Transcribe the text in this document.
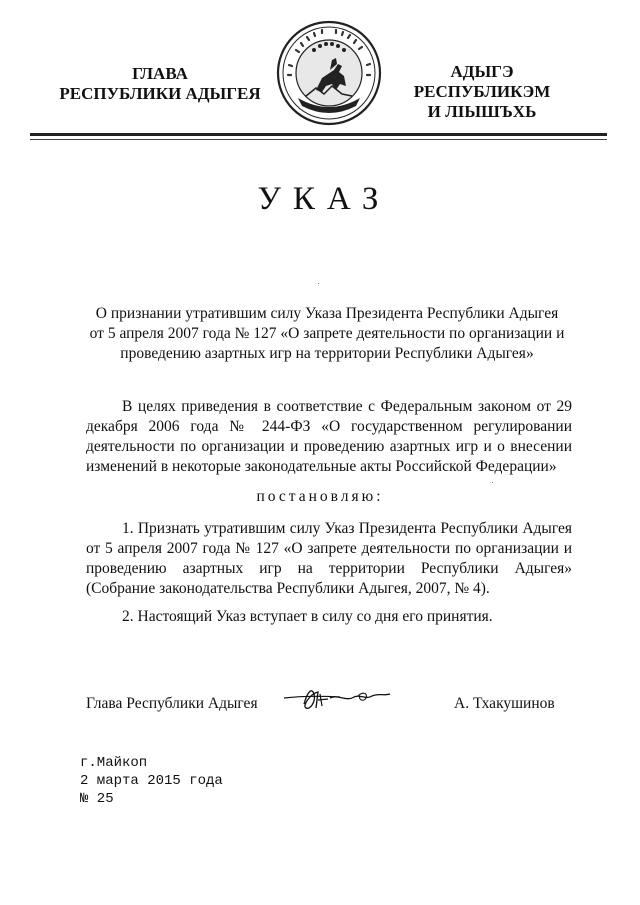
ГЛАВА
РЕСПУБЛИКИ АДЫГЕЯ
АДЫГЭ РЕСПУБЛИКЭМ
И ЛІЫШЪХЬ
УКАЗ
О признании утратившим силу Указа Президента Республики Адыгея
от 5 апреля 2007 года № 127 «О запрете деятельности по организации и
проведению азартных игр на территории Республики Адыгея»
В целях приведения в соответствие с Федеральным законом от 29 декабря 2006 года № 244-ФЗ «О государственном регулировании деятельности по организации и проведению азартных игр и о внесении изменений в некоторые законодательные акты Российской Федерации»
постановляю:
1. Признать утратившим силу Указ Президента Республики Адыгея от 5 апреля 2007 года № 127 «О запрете деятельности по организации и проведению азартных игр на территории Республики Адыгея» (Собрание законодательства Республики Адыгея, 2007, № 4).
2. Настоящий Указ вступает в силу со дня его принятия.
Глава Республики Адыгея	А. Тхакушинов
г.Майкоп
2 марта 2015 года
№ 25
